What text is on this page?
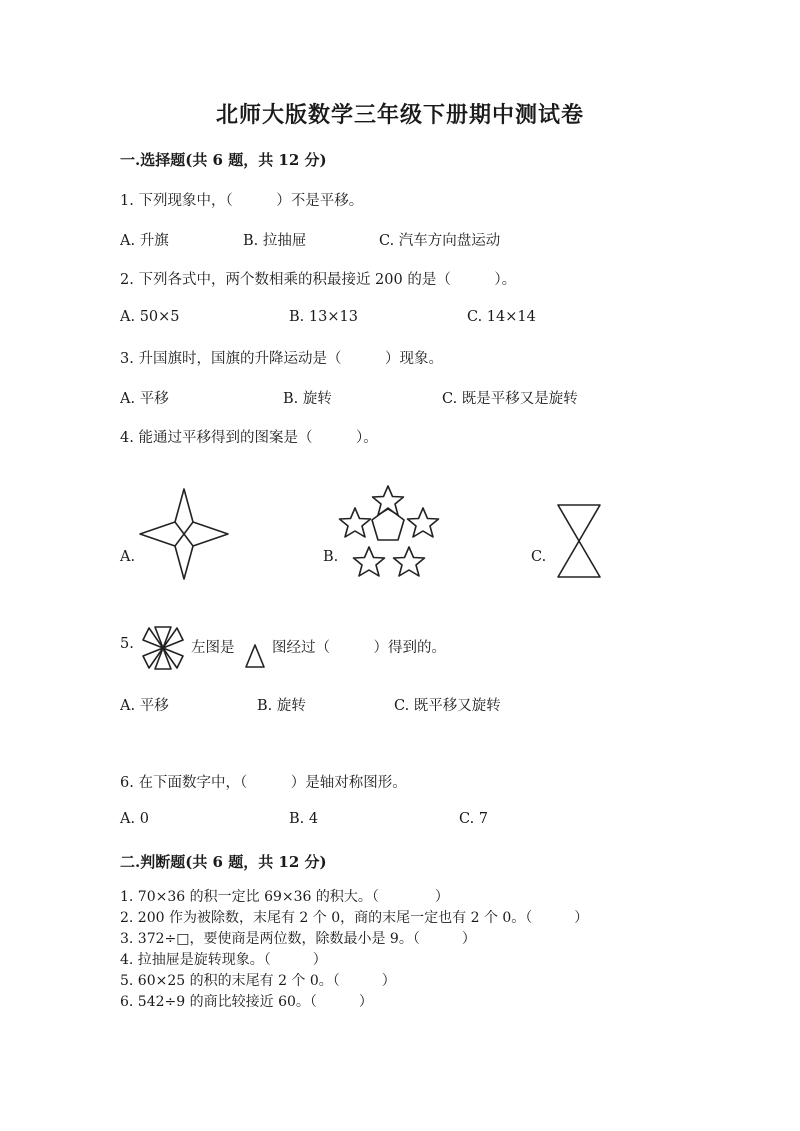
北师大版数学三年级下册期中测试卷
一.选择题(共 6 题，共 12 分)
1. 下列现象中，（　　　）不是平移。
A. 升旗	B. 拉抽屉	C. 汽车方向盘运动
2. 下列各式中，两个数相乘的积最接近 200 的是（　　　）。
A. 50×5	B. 13×13	C. 14×14
3. 升国旗时，国旗的升降运动是（　　　）现象。
A. 平移	B. 旋转	C. 既是平移又是旋转
4. 能通过平移得到的图案是（　　　）。
A.	B.	C.
5.	左图是	图经过（　　　）得到的。
A. 平移	B. 旋转	C. 既平移又旋转
6. 在下面数字中，（　　　）是轴对称图形。
A. 0	B. 4	C. 7
二.判断题(共 6 题，共 12 分)
1. 70×36 的积一定比 69×36 的积大。（　　　　）
2. 200 作为被除数，末尾有 2 个 0，商的末尾一定也有 2 个 0。（　　　）
3. 372÷□，要使商是两位数，除数最小是 9。（　　　）
4. 拉抽屉是旋转现象。（　　　）
5. 60×25 的积的末尾有 2 个 0。（　　　）
6. 542÷9 的商比较接近 60。（　　　）
